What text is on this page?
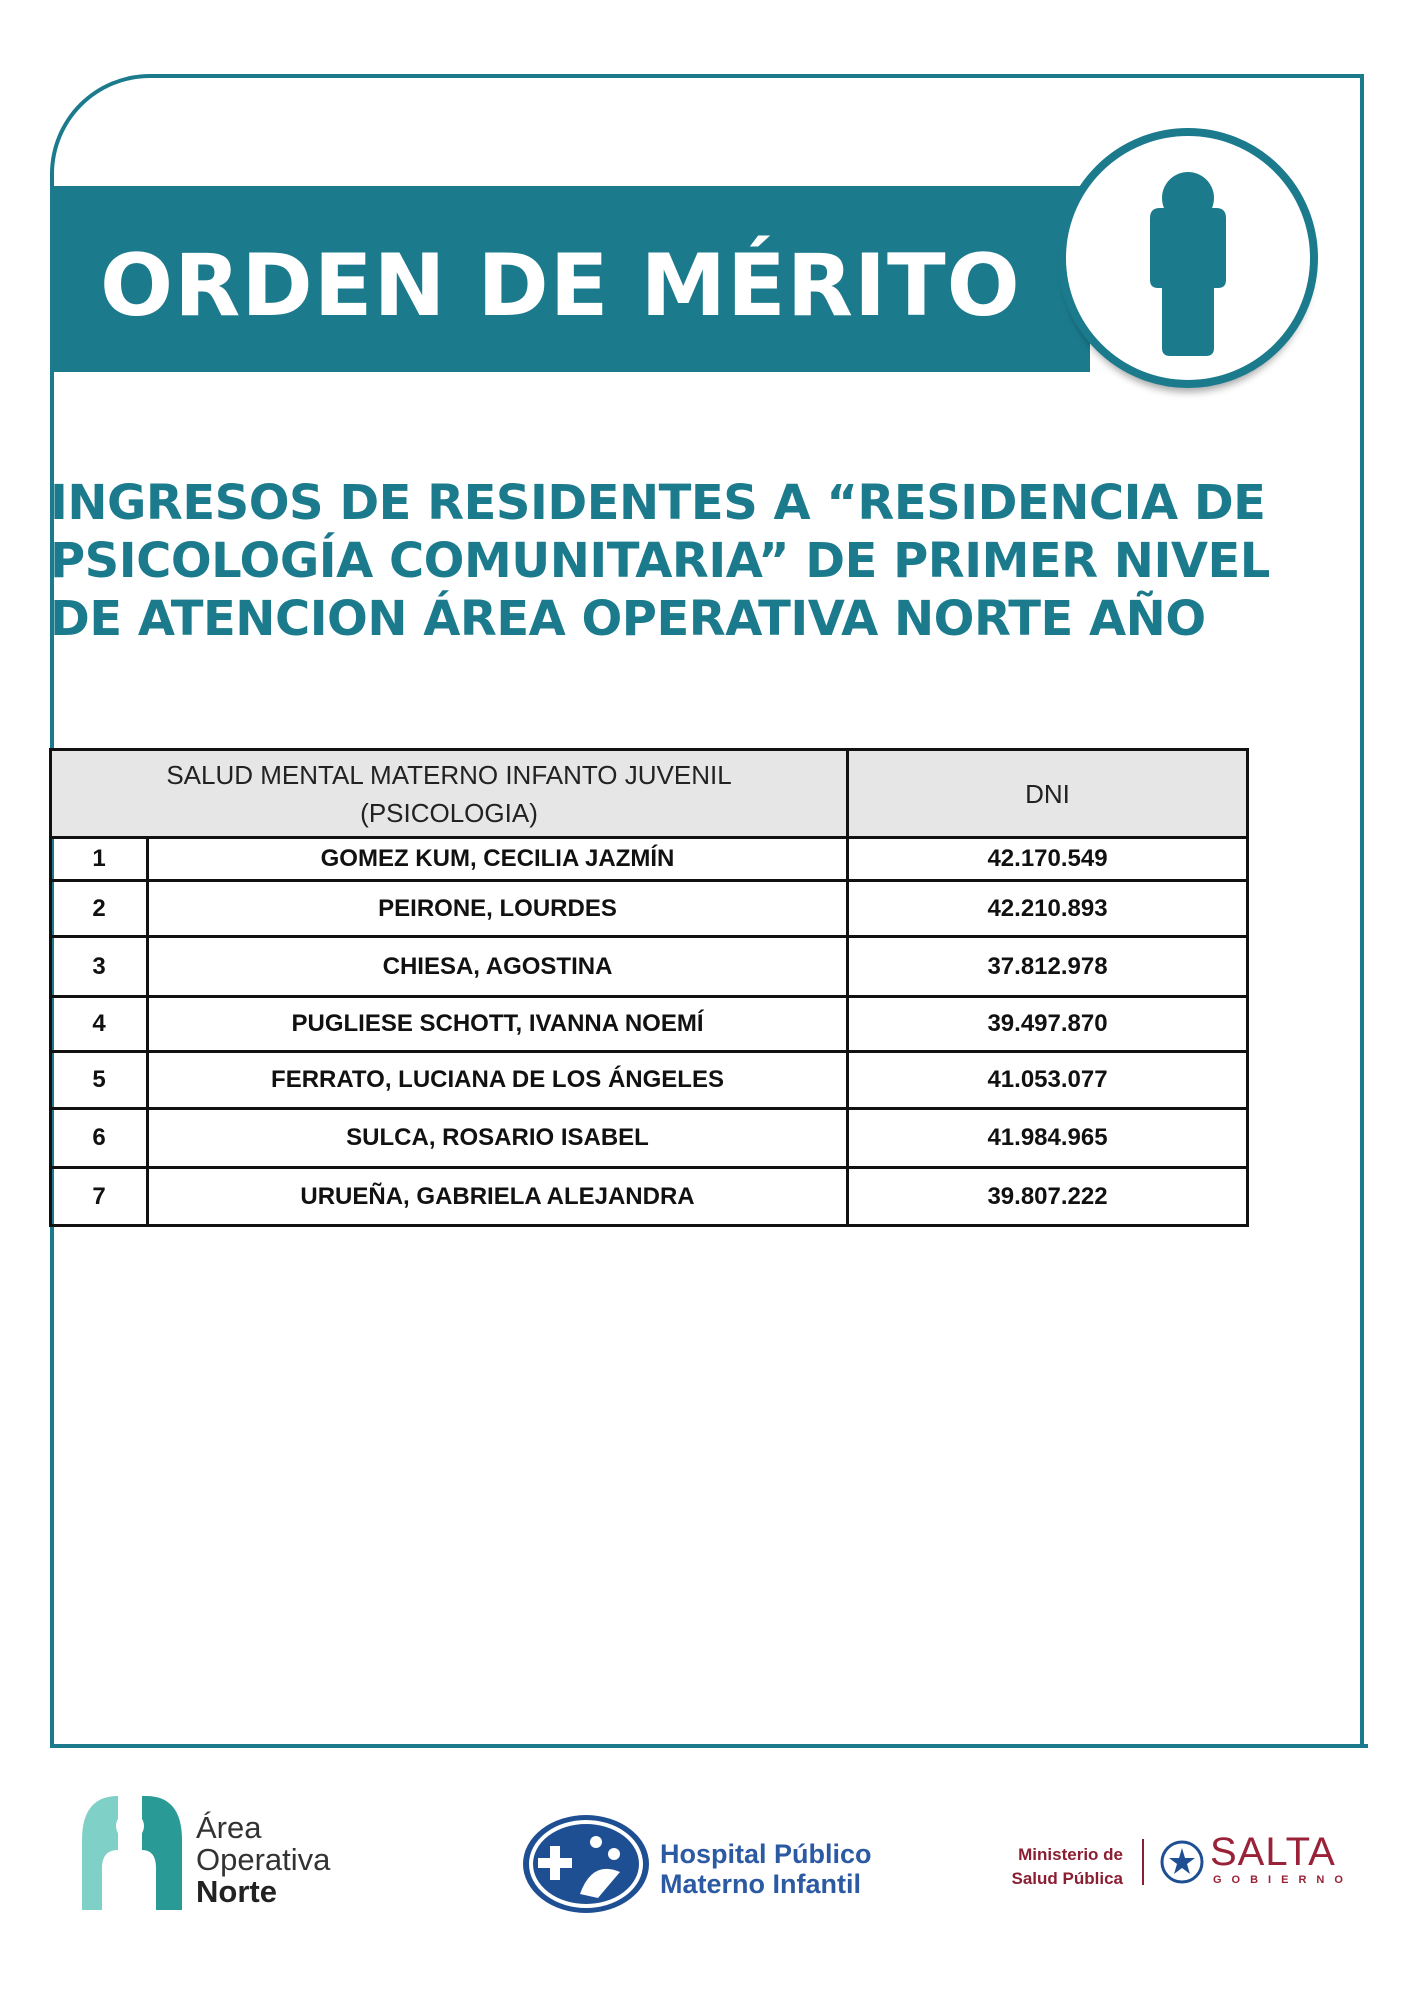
ORDEN DE MÉRITO
INGRESOS DE RESIDENTES A “RESIDENCIA DE PSICOLOGÍA COMUNITARIA” DE PRIMER NIVEL DE ATENCION ÁREA OPERATIVA NORTE AÑO
SALUD MENTAL MATERNO INFANTO JUVENIL
(PSICOLOGIA)		DNI
1	GOMEZ KUM, CECILIA JAZMÍN	42.170.549
2	PEIRONE, LOURDES	42.210.893
3	CHIESA, AGOSTINA	37.812.978
4	PUGLIESE SCHOTT, IVANNA NOEMÍ	39.497.870
5	FERRATO, LUCIANA DE LOS ÁNGELES	41.053.077
6	SULCA, ROSARIO ISABEL	41.984.965
7	URUEÑA, GABRIELA ALEJANDRA	39.807.222
Área
Operativa
Norte
Hospital Público
Materno Infantil
Ministerio de
Salud Pública
SALTA
GOBIERNO
